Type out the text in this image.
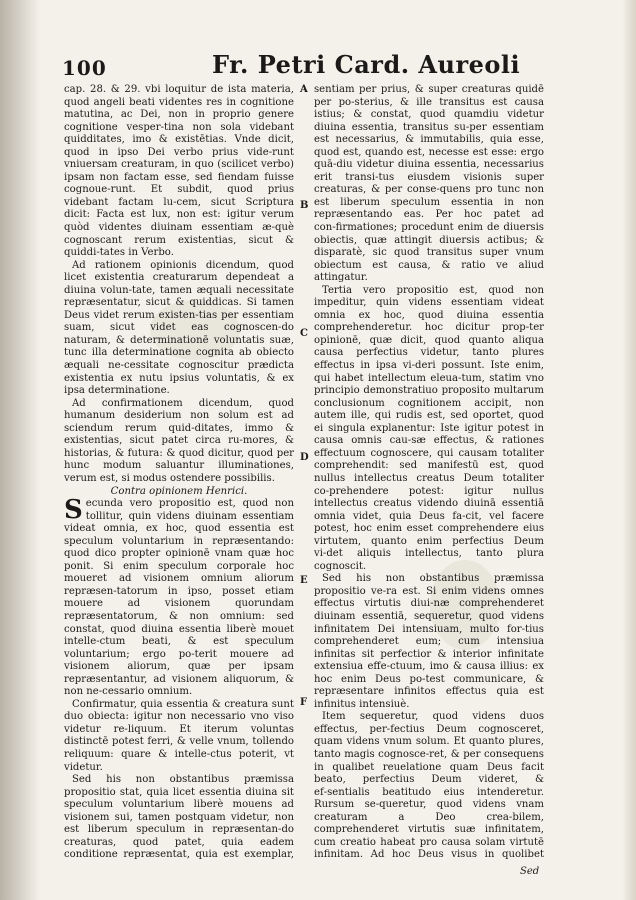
100	Fr. Petri Card. Aureoli

cap. 28. & 29. vbi loquitur de ista materia, quod angeli beati videntes res in cognitione matutina, ac Dei, non in proprio genere cognitione vesper‑tina non sola videbant quidditates, imo & existētias. Vnde dicit, quod in ipso Dei verbo prius vide‑runt vniuersam creaturam, in quo (scilicet verbo) ipsam non factam esse, sed fiendam fuisse cognoue‑runt. Et subdit, quod prius videbant factam lu‑cem, sicut Scriptura dicit: Facta est lux, non est: igitur verum quòd videntes diuinam essentiam æ‑què cognoscant rerum existentias, sicut & quiddi‑tates in Verbo.

Ad rationem opinionis dicendum, quod licet existentia creaturarum dependeat a diuina volun‑tate, tamen æquali necessitate repræsentatur, sicut & quiddicas. Si tamen Deus videt rerum existen‑tias per essentiam suam, sicut videt eas cognoscen‑do naturam, & determinationē voluntatis suæ, tunc illa determinatione cognita ab obiecto æquali ne‑cessitate cognoscitur prædicta existentia ex nutu ipsius voluntatis, & ex ipsa determinatione.

Ad confirmationem dicendum, quod humanum desiderium non solum est ad sciendum rerum quid‑ditates, immo & existentias, sicut patet circa ru‑mores, & historias, & futura: & quod dicitur, quod per hunc modum saluantur illuminationes, verum est, si modus ostendere possibilis.

Contra opinionem Henrici.

Secunda vero propositio est, quod non tollitur, quin videns diuinam essentiam videat omnia, ex hoc, quod essentia est speculum voluntarium in repræsentando: quod dico propter opinionē vnam quæ hoc ponit. Si enim speculum corporale hoc moueret ad visionem omnium aliorum repræsen‑tatorum in ipso, posset etiam mouere ad visionem quorundam repræsentatorum, & non omnium: sed constat, quod diuina essentia liberè mouet intelle‑ctum beati, & est speculum voluntarium; ergo po‑terit mouere ad visionem aliorum, quæ per ipsam repræsentantur, ad visionem aliquorum, & non ne‑cessario omnium.

Confirmatur, quia essentia & creatura sunt duo obiecta: igitur non necessario vno viso videtur re‑liquum. Et iterum voluntas distinctē potest ferri, & velle vnum, tollendo reliquum: quare & intelle‑ctus poterit, vt videtur.

Sed his non obstantibus præmissa propositio stat, quia licet essentia diuina sit speculum voluntarium liberè mouens ad visionem sui, tamen postquam videtur, non est liberum speculum in repræsentan‑do creaturas, quod patet, quia eadem conditione repræsentat, quia est exemplar,

A
B
C
D
E
F

sentiam per prius, & super creaturas quidē per po‑sterius, & ille transitus est causa istius; & constat, quod quamdiu videtur diuina essentia, transitus su‑per essentiam est necessarius, & immutabilis, quia esse, quod est, quando est, necesse est esse: ergo quā‑diu videtur diuina essentia, necessarius erit transi‑tus eiusdem visionis super creaturas, & per conse‑quens pro tunc non est liberum speculum essentia in non repræsentando eas. Per hoc patet ad con‑firmationes; procedunt enim de diuersis obiectis, quæ attingit diuersis actibus; & disparatè, sic quod transitus super vnum obiectum est causa, & ratio ve aliud attingatur.

Tertia vero propositio est, quod non impeditur, quin videns essentiam videat omnia ex hoc, quod diuina essentia comprehenderetur. hoc dicitur prop‑ter opinionē, quæ dicit, quod quanto aliqua causa perfectius videtur, tanto plures effectus in ipsa vi‑deri possunt. Iste enim, qui habet intellectum eleua‑tum, statim vno principio demonstratiuo proposito multarum conclusionum cognitionem accipit, non autem ille, qui rudis est, sed oportet, quod ei singula explanentur: Iste igitur potest in causa omnis cau‑sæ effectus, & rationes effectuum cognoscere, qui causam totaliter comprehendit: sed manifestū est, quod nullus intellectus creatus Deum totaliter co‑prehendere potest: igitur nullus intellectus creatus videndo diuinā essentiā omnia videt, quia Deus fa‑cit, vel facere potest, hoc enim esset comprehendere eius virtutem, quanto enim perfectius Deum vi‑det aliquis intellectus, tanto plura cognoscit.

Sed his non obstantibus præmissa propositio ve‑ra est. Si enim videns omnes effectus virtutis diui‑næ comprehenderet diuinam essentiā, sequeretur, quod videns infinitatem Dei intensiuam, multo for‑tius comprehenderet eum; cum intensiua infinitas sit perfectior & interior infinitate extensiua effe‑ctuum, imo & causa illius: ex hoc enim Deus po‑test communicare, & repræsentare infinitos effectus quia est infinitus intensiuè.

Item sequeretur, quod videns duos effectus, per‑fectius Deum cognosceret, quam videns vnum solum. Et quanto plures, tanto magis cognosce‑ret, & per consequens in qualibet reuelatione quam Deus facit beato, perfectius Deum videret, & ef‑sentialis beatitudo eius intenderetur. Rursum se‑queretur, quod videns vnam creaturam a Deo crea‑bilem, comprehenderet virtutis suæ infinitatem, cum creatio habeat pro causa solam virtutē infinitam. Ad hoc Deus visus in quolibet

Sed
